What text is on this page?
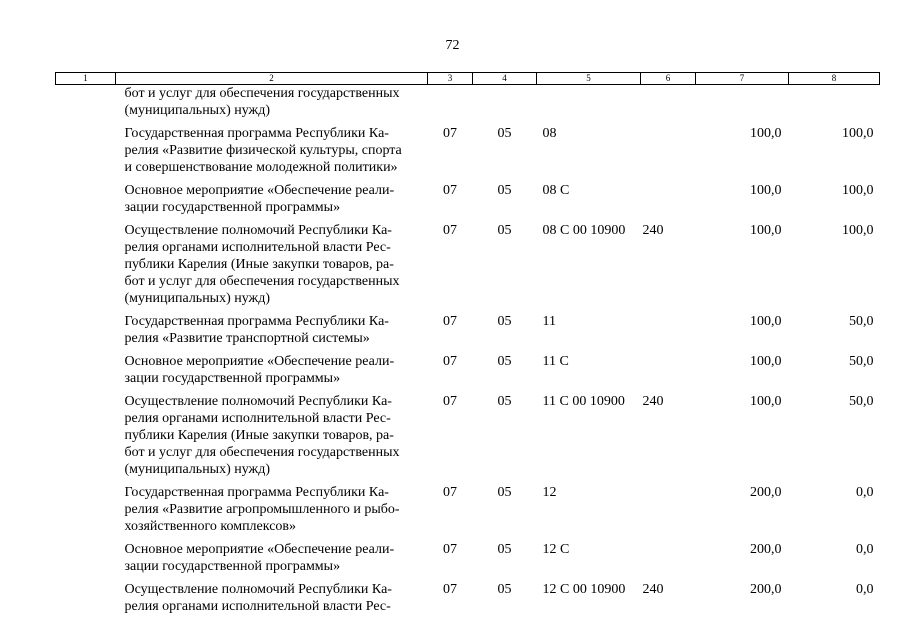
72
1	2	3	4	5	6	7	8

	бот и услуг для обеспечения государственных
(муниципальных) нужд)						

	Государственная программа Республики Ка-
релия «Развитие физической культуры, спорта
и совершенствование молодежной политики»	07	05	08		100,0	100,0

	Основное мероприятие «Обеспечение реали-
зации государственной программы»	07	05	08 С		100,0	100,0

	Осуществление полномочий Республики Ка-
релия органами исполнительной власти Рес-
публики Карелия (Иные закупки товаров, ра-
бот и услуг для обеспечения государственных
(муниципальных) нужд)	07	05	08 С 00 10900	240	100,0	100,0

	Государственная программа Республики Ка-
релия «Развитие транспортной системы»	07	05	11		100,0	50,0

	Основное мероприятие «Обеспечение реали-
зации государственной программы»	07	05	11 С		100,0	50,0

	Осуществление полномочий Республики Ка-
релия органами исполнительной власти Рес-
публики Карелия (Иные закупки товаров, ра-
бот и услуг для обеспечения государственных
(муниципальных) нужд)	07	05	11 С 00 10900	240	100,0	50,0

	Государственная программа Республики Ка-
релия «Развитие агропромышленного и рыбо-
хозяйственного комплексов»	07	05	12		200,0	0,0

	Основное мероприятие «Обеспечение реали-
зации государственной программы»	07	05	12 С		200,0	0,0

	Осуществление полномочий Республики Ка-
релия органами исполнительной власти Рес-	07	05	12 С 00 10900	240	200,0	0,0
